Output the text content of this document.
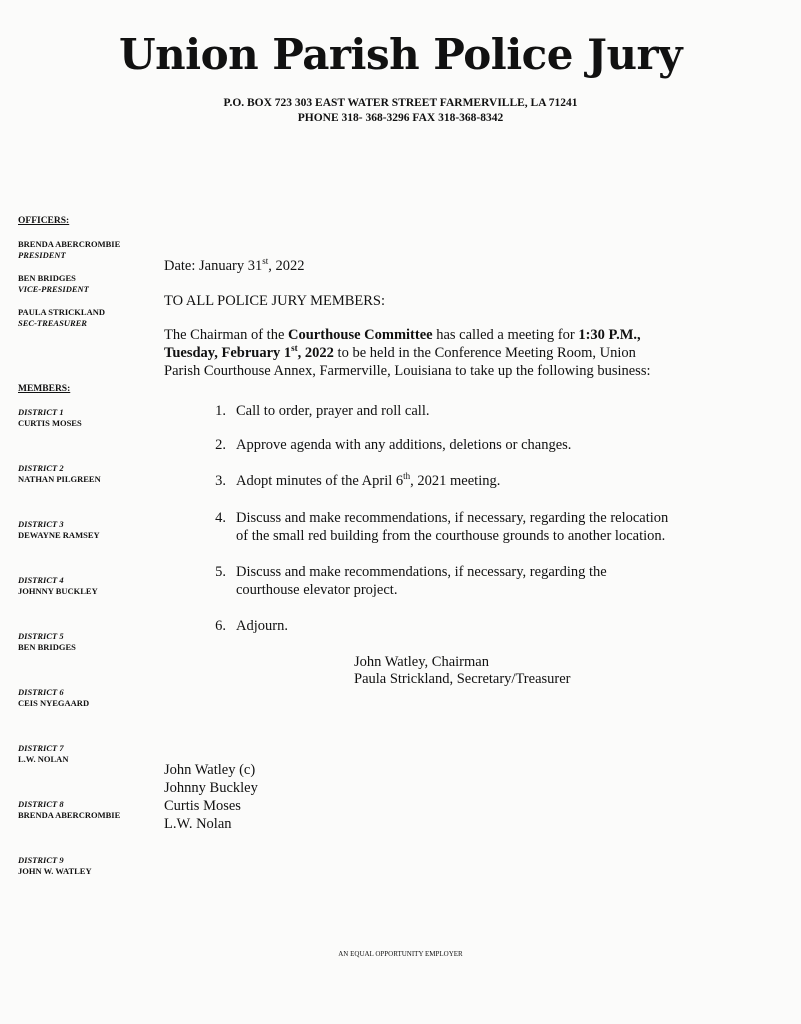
Union Parish Police Jury
P.O. BOX 723 303 EAST WATER STREET FARMERVILLE, LA 71241
PHONE 318- 368-3296 FAX 318-368-8342
OFFICERS:
BRENDA ABERCROMBIE
PRESIDENT
BEN BRIDGES
VICE-PRESIDENT
PAULA STRICKLAND
SEC-TREASURER
MEMBERS:
DISTRICT 1
CURTIS MOSES
DISTRICT 2
NATHAN PILGREEN
DISTRICT 3
DEWAYNE RAMSEY
DISTRICT 4
JOHNNY BUCKLEY
DISTRICT 5
BEN BRIDGES
DISTRICT 6
CEIS NYEGAARD
DISTRICT 7
L.W. NOLAN
DISTRICT 8
BRENDA ABERCROMBIE
DISTRICT 9
JOHN W. WATLEY
Date: January 31st, 2022
TO ALL POLICE JURY MEMBERS:
The Chairman of the Courthouse Committee has called a meeting for 1:30 P.M.,
Tuesday, February 1st, 2022 to be held in the Conference Meeting Room, Union
Parish Courthouse Annex, Farmerville, Louisiana to take up the following business:
1. Call to order, prayer and roll call.
2. Approve agenda with any additions, deletions or changes.
3. Adopt minutes of the April 6th, 2021 meeting.
4. Discuss and make recommendations, if necessary, regarding the relocation
of the small red building from the courthouse grounds to another location.
5. Discuss and make recommendations, if necessary, regarding the
courthouse elevator project.
6. Adjourn.
John Watley, Chairman
Paula Strickland, Secretary/Treasurer
John Watley (c)
Johnny Buckley
Curtis Moses
L.W. Nolan
AN EQUAL OPPORTUNITY EMPLOYER
